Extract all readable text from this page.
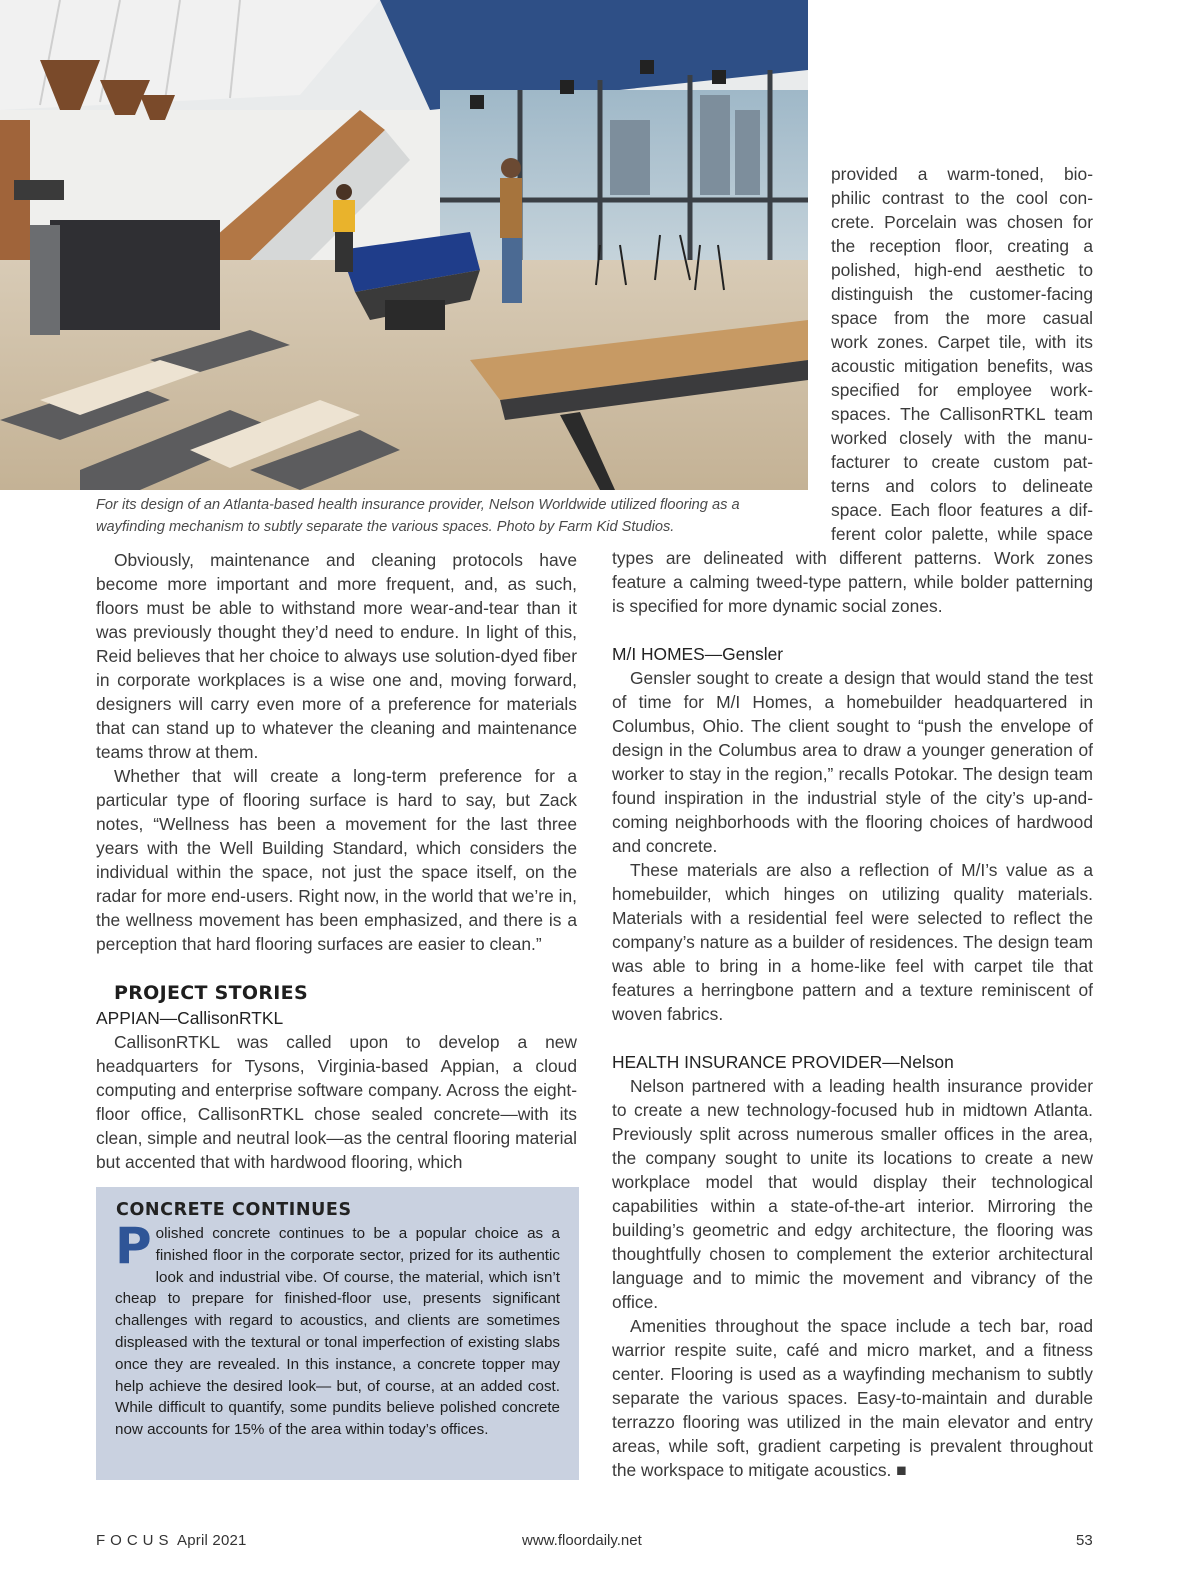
For its design of an Atlanta-based health insurance provider, Nelson Worldwide utilized flooring as a

wayfinding mechanism to subtly separate the various spaces. Photo by Farm Kid Studios.

provided a warm-toned, bio-

philic contrast to the cool con-

crete. Porcelain was chosen for

the reception floor, creating a

polished, high-end aesthetic to

distinguish the customer-facing

space from the more casual

work zones. Carpet tile, with its

acoustic mitigation benefits, was

specified for employee work-

spaces. The CallisonRTKL team

worked closely with the manu-

facturer to create custom pat-

terns and colors to delineate

space. Each floor features a dif-

ferent color palette, while space

types are delineated with different patterns. Work zones feature a calming tweed-type pattern, while bolder patterning is specified for more dynamic social zones.

M/I HOMES—Gensler

Gensler sought to create a design that would stand the test of time for M/I Homes, a homebuilder headquartered in Columbus, Ohio. The client sought to “push the envelope of design in the Columbus area to draw a younger generation of worker to stay in the region,” recalls Potokar. The design team found inspiration in the industrial style of the city’s up-and-coming neighborhoods with the flooring choices of hardwood and concrete.

These materials are also a reflection of M/I’s value as a homebuilder, which hinges on utilizing quality materials. Materials with a residential feel were selected to reflect the company’s nature as a builder of residences. The design team was able to bring in a home-like feel with carpet tile that features a herringbone pattern and a texture reminiscent of woven fabrics.

HEALTH INSURANCE PROVIDER—Nelson

Nelson partnered with a leading health insurance provider to create a new technology-focused hub in midtown Atlanta. Previously split across numerous smaller offices in the area, the company sought to unite its locations to create a new workplace model that would display their technological capabilities within a state-of-the-art interior. Mirroring the building’s geometric and edgy architecture, the flooring was thoughtfully chosen to complement the exterior architectural language and to mimic the movement and vibrancy of the office.

Amenities throughout the space include a tech bar, road warrior respite suite, café and micro market, and a fitness center. Flooring is used as a wayfinding mechanism to subtly separate the various spaces. Easy-to-maintain and durable terrazzo flooring was utilized in the main elevator and entry areas, while soft, gradient carpeting is prevalent throughout the workspace to mitigate acoustics. ■

Obviously, maintenance and cleaning protocols have become more important and more frequent, and, as such, floors must be able to withstand more wear-and-tear than it was previously thought they’d need to endure. In light of this, Reid believes that her choice to always use solution-dyed fiber in corporate workplaces is a wise one and, moving forward, designers will carry even more of a preference for materials that can stand up to whatever the cleaning and maintenance teams throw at them.

Whether that will create a long-term preference for a particular type of flooring surface is hard to say, but Zack notes, “Wellness has been a movement for the last three years with the Well Building Standard, which considers the individual within the space, not just the space itself, on the radar for more end-users. Right now, in the world that we’re in, the wellness movement has been emphasized, and there is a perception that hard flooring surfaces are easier to clean.”

PROJECT STORIES

APPIAN—CallisonRTKL

CallisonRTKL was called upon to develop a new headquarters for Tysons, Virginia-based Appian, a cloud computing and enterprise software company. Across the eight-floor office, CallisonRTKL chose sealed concrete—with its clean, simple and neutral look—as the central flooring material but accented that with hardwood flooring, which

CONCRETE CONTINUES
P olished concrete continues to be a popular choice as a finished floor in the corporate sector, prized for its authentic look and industrial vibe. Of course, the material, which isn’t cheap to prepare for finished-floor use, presents significant challenges with regard to acoustics, and clients are sometimes displeased with the textural or tonal imperfection of existing slabs once they are revealed. In this instance, a concrete topper may help achieve the desired look— but, of course, at an added cost. While difficult to quantify, some pundits believe polished concrete now accounts for 15% of the area within today’s offices.
FOCUS April 2021	www.floordaily.net	53
